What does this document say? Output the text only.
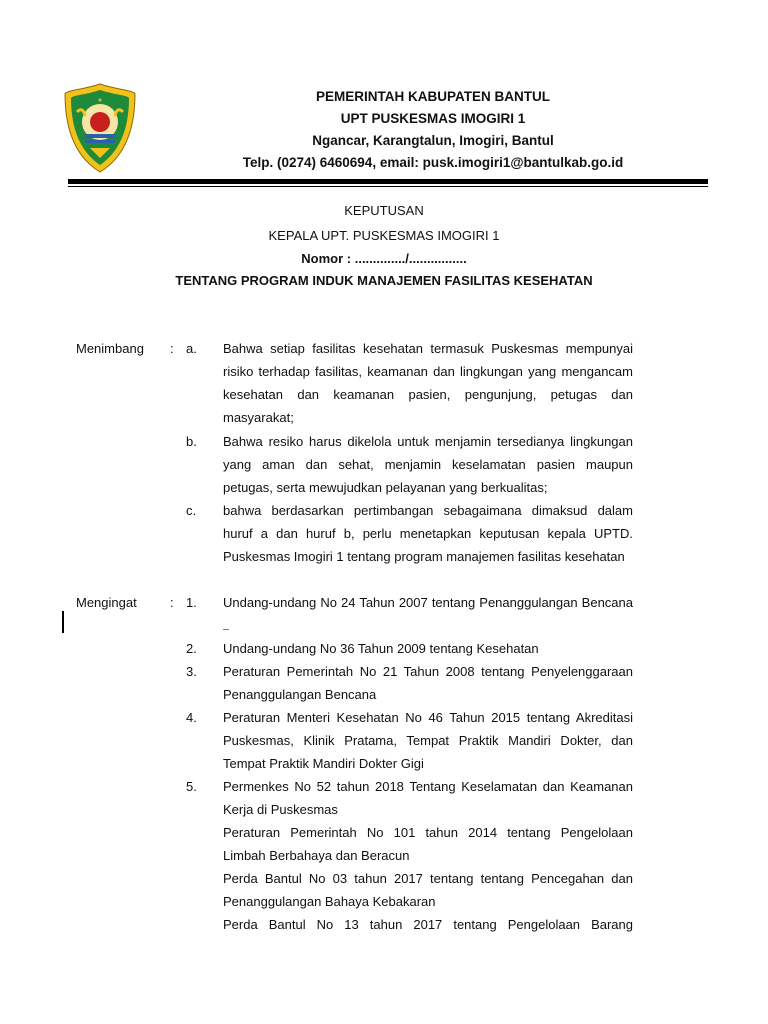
★	PEMERINTAH KABUPATEN BANTUL
UPT PUSKESMAS IMOGIRI 1
Ngancar, Karangtalun, Imogiri, Bantul
Telp. (0274) 6460694, email: pusk.imogiri1@bantulkab.go.id
KEPUTUSAN
KEPALA UPT. PUSKESMAS IMOGIRI 1
Nomor : ............../................
TENTANG PROGRAM INDUK MANAJEMEN FASILITAS KESEHATAN
Menimbang : a. Bahwa setiap fasilitas kesehatan termasuk Puskesmas mempunyai risiko terhadap fasilitas, keamanan dan lingkungan yang mengancam kesehatan dan keamanan pasien, pengunjung, petugas dan masyarakat;
b. Bahwa resiko harus dikelola untuk menjamin tersedianya lingkungan yang aman dan sehat, menjamin keselamatan pasien maupun petugas, serta mewujudkan pelayanan yang berkualitas;
c. bahwa berdasarkan pertimbangan sebagaimana dimaksud dalam huruf a dan huruf b, perlu menetapkan keputusan kepala UPTD. Puskesmas Imogiri 1 tentang program manajemen fasilitas kesehatan
Mengingat	: 1. Undang-undang No 24 Tahun 2007 tentang Penanggulangan Bencana
2. Undang-undang No 36 Tahun 2009 tentang Kesehatan
3. Peraturan Pemerintah No 21 Tahun 2008 tentang Penyelenggaraan Penanggulangan Bencana
4. Peraturan Menteri Kesehatan No 46 Tahun 2015 tentang Akreditasi Puskesmas, Klinik Pratama, Tempat Praktik Mandiri Dokter, dan Tempat Praktik Mandiri Dokter Gigi
5. Permenkes No 52 tahun 2018 Tentang Keselamatan dan Keamanan Kerja di Puskesmas
Peraturan Pemerintah No 101 tahun 2014 tentang Pengelolaan Limbah Berbahaya dan Beracun
Perda Bantul No 03 tahun 2017 tentang tentang Pencegahan dan Penanggulangan Bahaya Kebakaran
Perda Bantul No 13 tahun 2017 tentang Pengelolaan Barang
